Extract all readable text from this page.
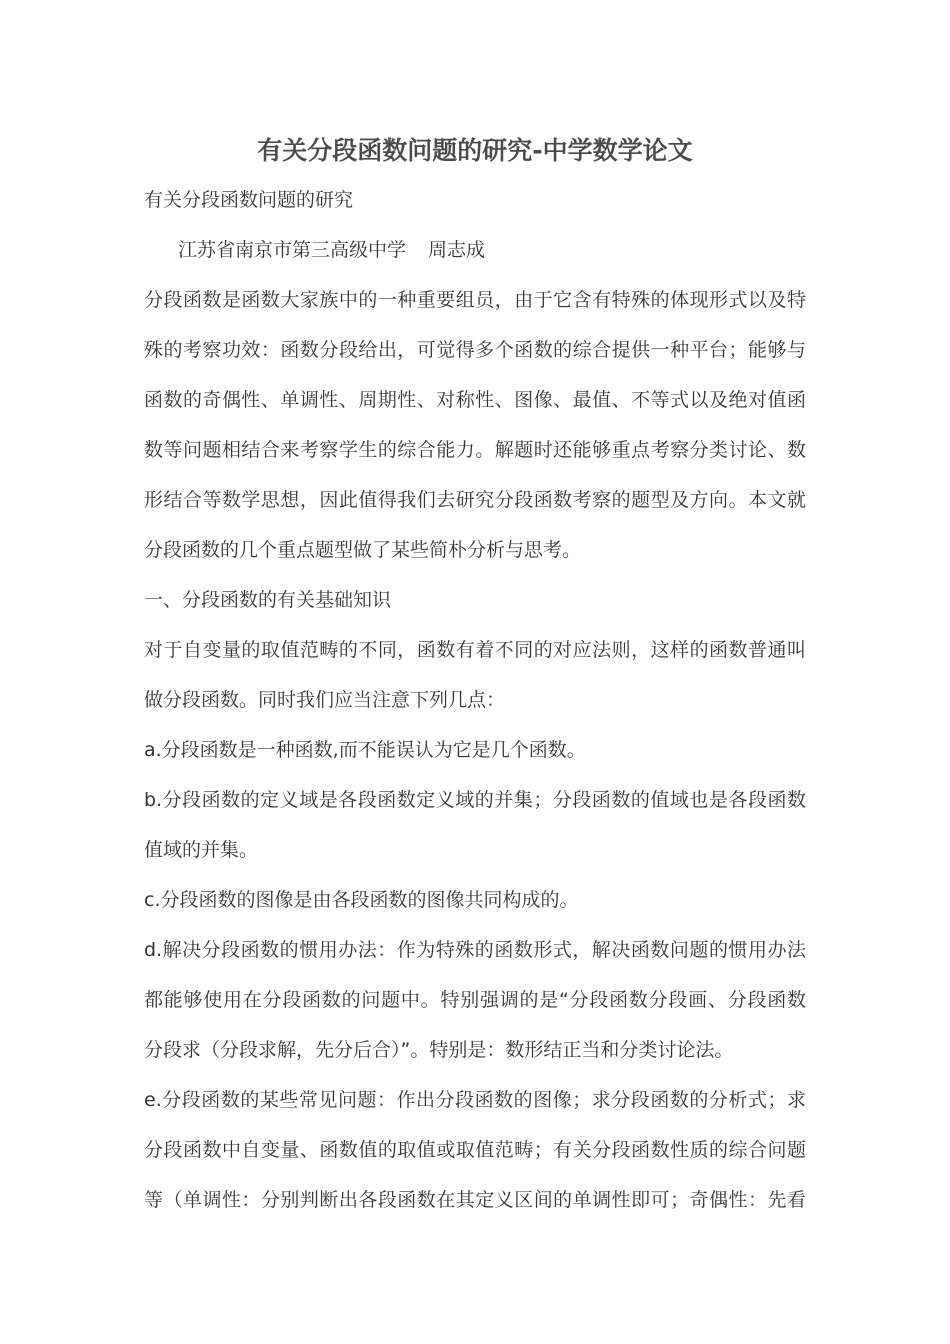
有关分段函数问题的研究-中学数学论文
有关分段函数问题的研究
江苏省南京市第三高级中学 周志成
分段函数是函数大家族中的一种重要组员，由于它含有特殊的体现形式以及特
殊的考察功效：函数分段给出，可觉得多个函数的综合提供一种平台；能够与
函数的奇偶性、单调性、周期性、对称性、图像、最值、不等式以及绝对值函
数等问题相结合来考察学生的综合能力。解题时还能够重点考察分类讨论、数
形结合等数学思想，因此值得我们去研究分段函数考察的题型及方向。本文就
分段函数的几个重点题型做了某些简朴分析与思考。
一、分段函数的有关基础知识
对于自变量的取值范畴的不同，函数有着不同的对应法则，这样的函数普通叫
做分段函数。同时我们应当注意下列几点：
a.分段函数是一种函数,而不能误认为它是几个函数。
b.分段函数的定义域是各段函数定义域的并集；分段函数的值域也是各段函数
值域的并集。
c.分段函数的图像是由各段函数的图像共同构成的。
d.解决分段函数的惯用办法：作为特殊的函数形式，解决函数问题的惯用办法
都能够使用在分段函数的问题中。特别强调的是“分段函数分段画、分段函数
分段求（分段求解，先分后合）”。特别是：数形结正当和分类讨论法。
e.分段函数的某些常见问题：作出分段函数的图像；求分段函数的分析式；求
分段函数中自变量、函数值的取值或取值范畴；有关分段函数性质的综合问题
等（单调性：分别判断出各段函数在其定义区间的单调性即可；奇偶性：先看
